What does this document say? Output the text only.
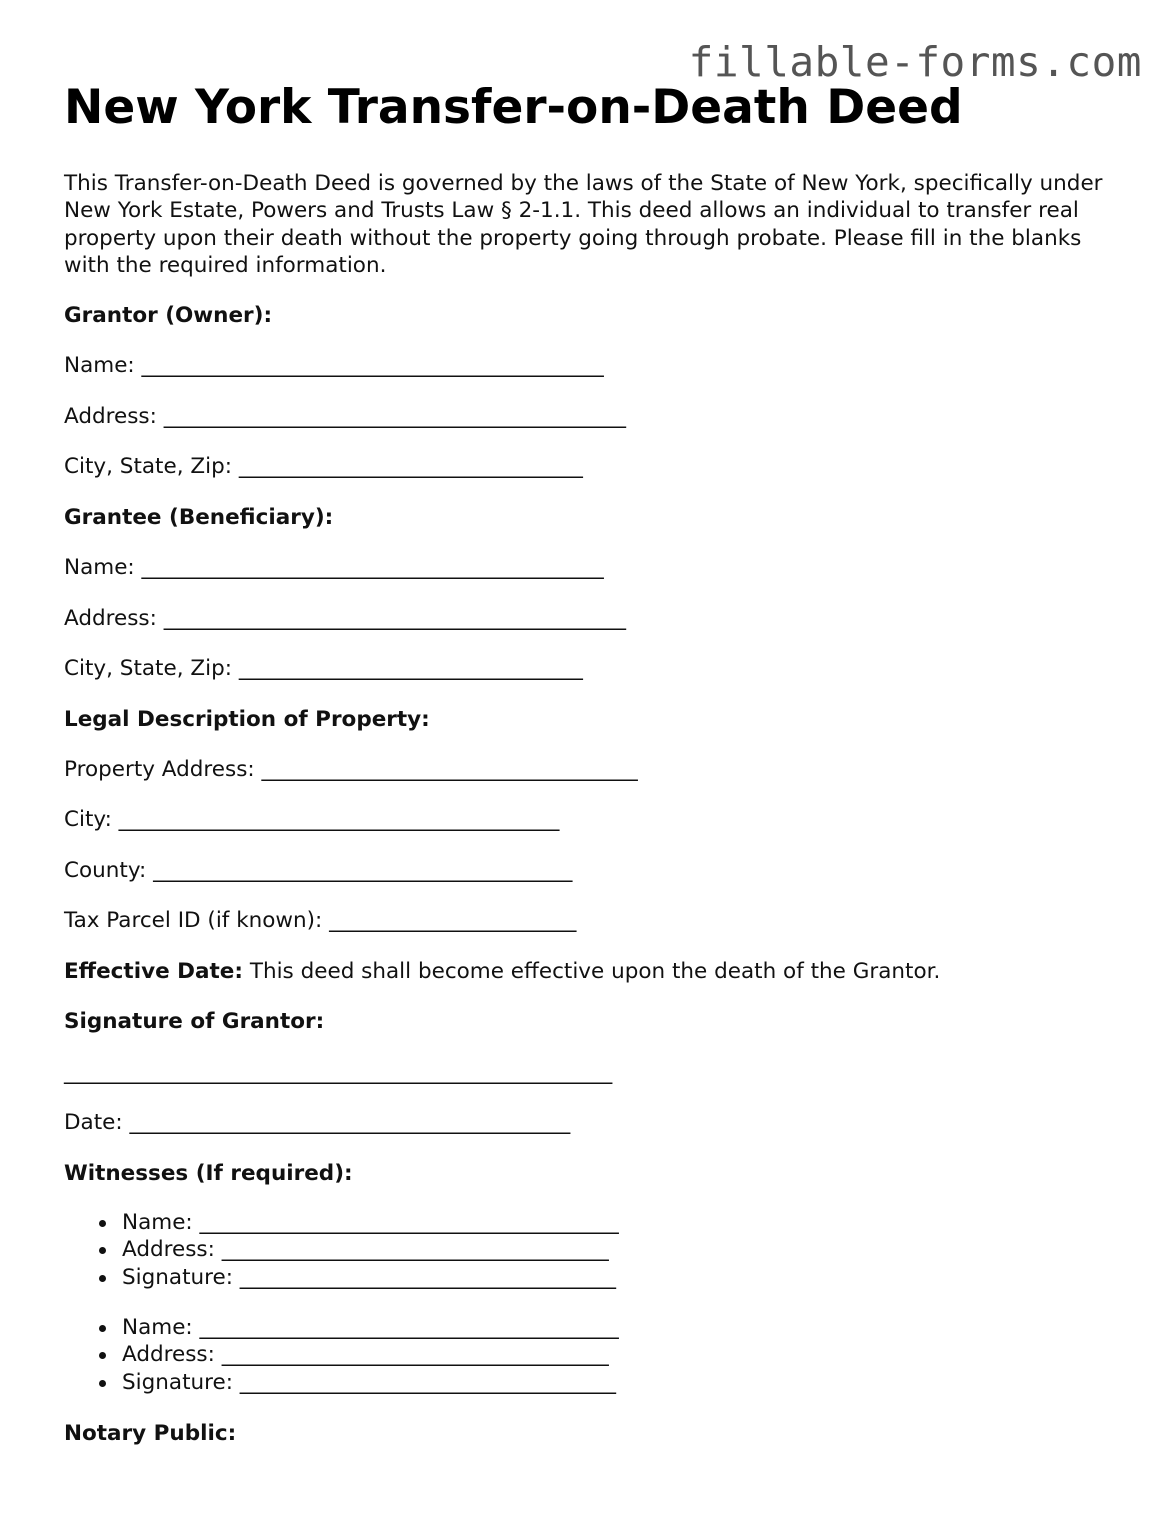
fillable-forms.com
New York Transfer-on-Death Deed

This Transfer-on-Death Deed is governed by the laws of the State of New York, specifically under New York Estate, Powers and Trusts Law § 2-1.1. This deed allows an individual to transfer real property upon their death without the property going through probate. Please fill in the blanks with the required information.

Grantor (Owner):
Name: ___________________________________________
Address: ___________________________________________
City, State, Zip: ________________________________
Grantee (Beneficiary):
Name: ___________________________________________
Address: ___________________________________________
City, State, Zip: ________________________________
Legal Description of Property:
Property Address: ___________________________________
City: _________________________________________
County: _______________________________________
Tax Parcel ID (if known): _______________________
Effective Date: This deed shall become effective upon the death of the Grantor.
Signature of Grantor:
___________________________________________________
Date: _________________________________________
Witnesses (If required):
Name: _______________________________________
Address: ____________________________________
Signature: ___________________________________
Name: _______________________________________
Address: ____________________________________
Signature: ___________________________________
Notary Public:
